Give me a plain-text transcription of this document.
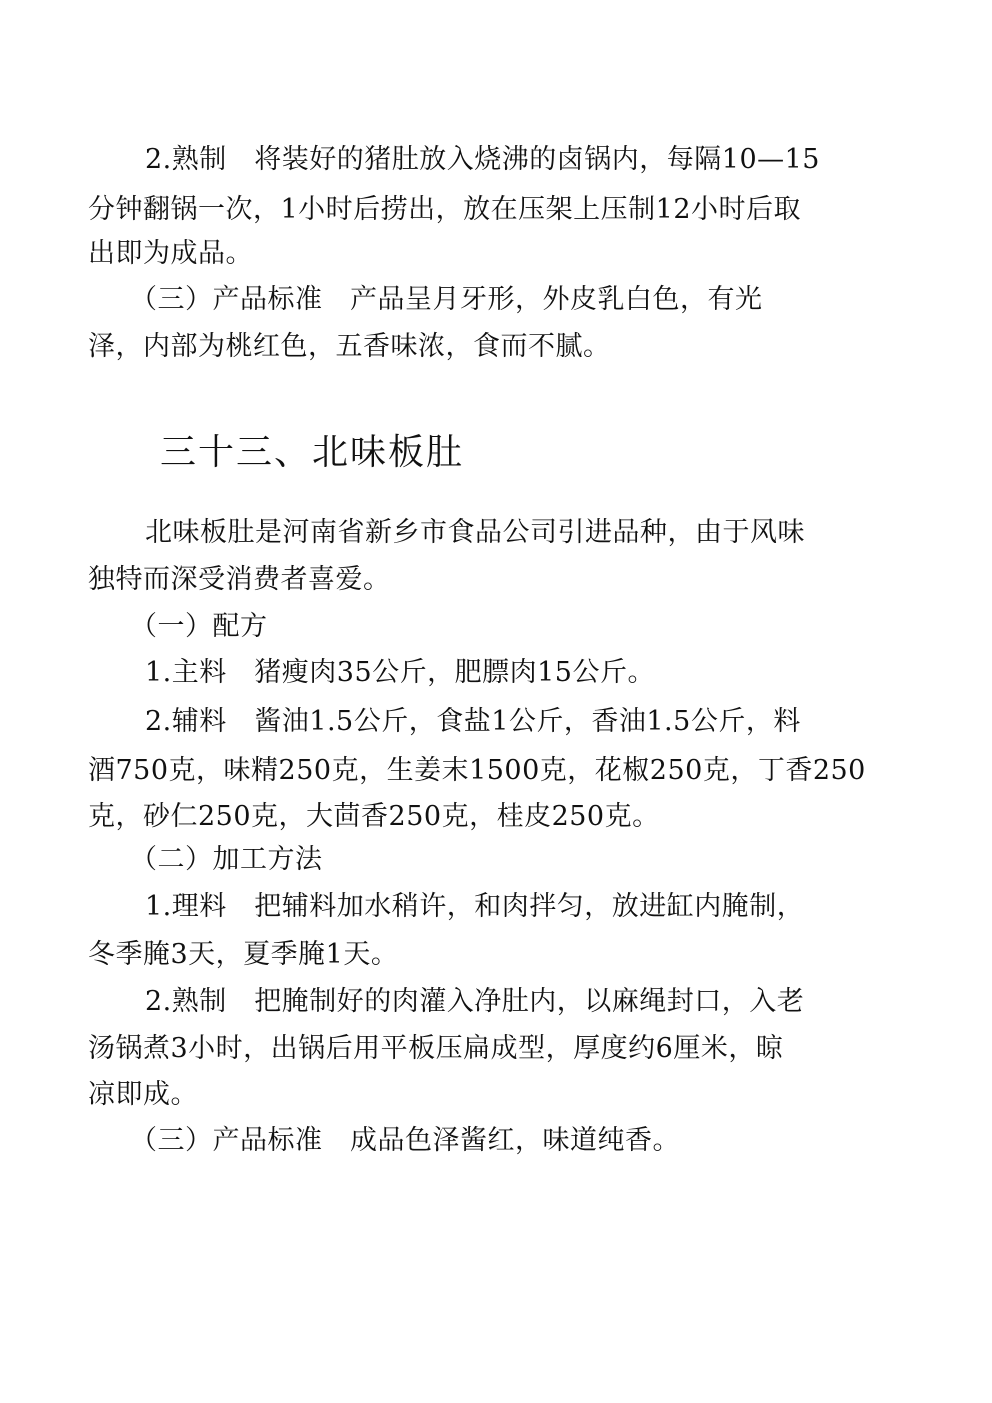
2.熟制　将装好的猪肚放入烧沸的卤锅内，每隔10—15
分钟翻锅一次，1小时后捞出，放在压架上压制12小时后取
出即为成品。
（三）产品标准　产品呈月牙形，外皮乳白色，有光
泽，内部为桃红色，五香味浓，食而不腻。
三十三、北味板肚
北味板肚是河南省新乡市食品公司引进品种，由于风味
独特而深受消费者喜爱。
（一）配方
1.主料　猪瘦肉35公斤，肥膘肉15公斤。
2.辅料　酱油1.5公斤，食盐1公斤，香油1.5公斤，料
酒750克，味精250克，生姜末1500克，花椒250克，丁香250
克，砂仁250克，大茴香250克，桂皮250克。
（二）加工方法
1.理料　把辅料加水稍许，和肉拌匀，放进缸内腌制，
冬季腌3天，夏季腌1天。
2.熟制　把腌制好的肉灌入净肚内，以麻绳封口，入老
汤锅煮3小时，出锅后用平板压扁成型，厚度约6厘米，晾
凉即成。
（三）产品标准　成品色泽酱红，味道纯香。
